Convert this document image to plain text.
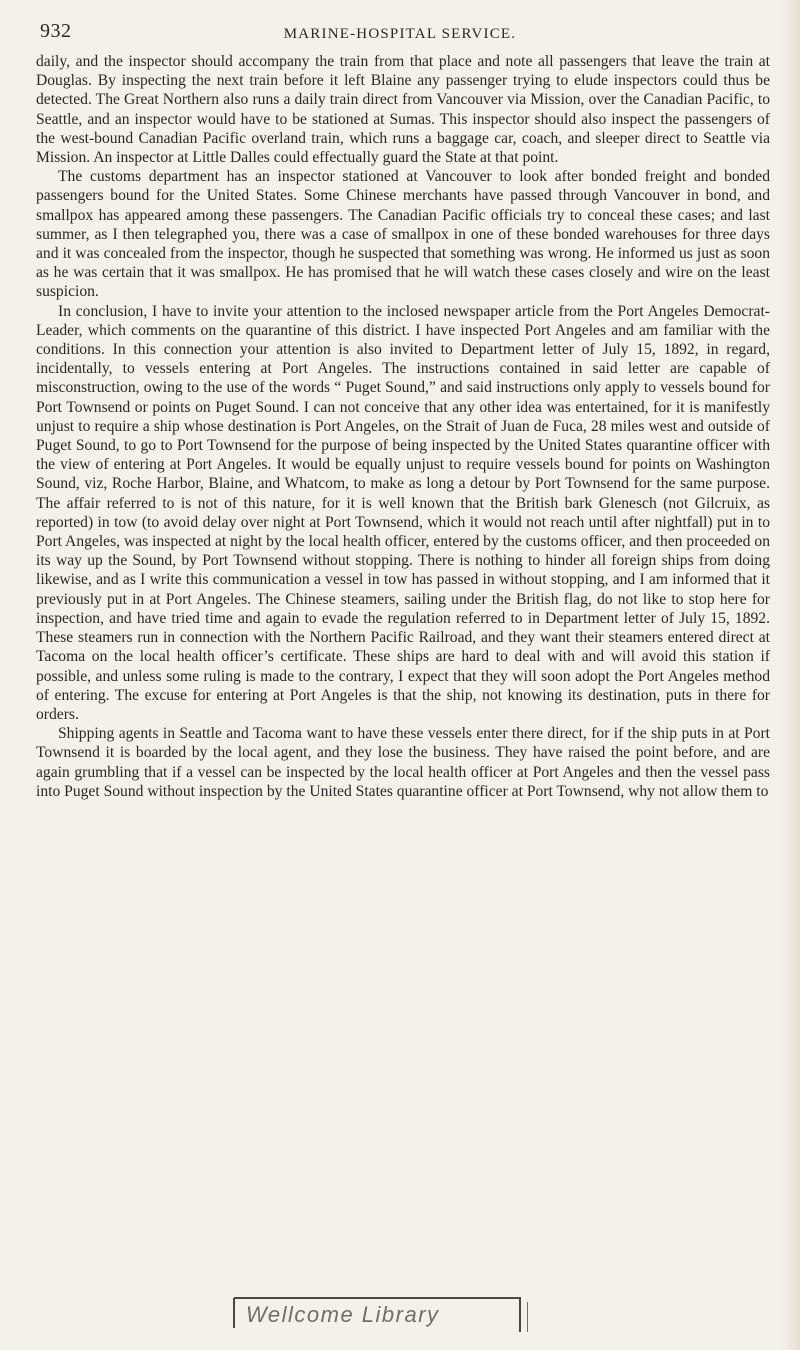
932	MARINE-HOSPITAL SERVICE.

daily, and the inspector should accompany the train from that place and note all passengers that leave the train at Douglas. By inspecting the next train before it left Blaine any passenger trying to elude inspectors could thus be detected. The Great Northern also runs a daily train direct from Vancouver via Mission, over the Canadian Pacific, to Seattle, and an inspector would have to be stationed at Sumas. This inspector should also inspect the passengers of the west-bound Canadian Pacific overland train, which runs a baggage car, coach, and sleeper direct to Seattle via Mission. An inspector at Little Dalles could effectually guard the State at that point.

The customs department has an inspector stationed at Vancouver to look after bonded freight and bonded passengers bound for the United States. Some Chinese merchants have passed through Vancouver in bond, and smallpox has appeared among these passengers. The Canadian Pacific officials try to conceal these cases; and last summer, as I then telegraphed you, there was a case of smallpox in one of these bonded warehouses for three days and it was concealed from the inspector, though he suspected that something was wrong. He informed us just as soon as he was certain that it was smallpox. He has promised that he will watch these cases closely and wire on the least suspicion.

In conclusion, I have to invite your attention to the inclosed newspaper article from the Port Angeles Democrat-Leader, which comments on the quarantine of this district. I have inspected Port Angeles and am familiar with the conditions. In this connection your attention is also invited to Department letter of July 15, 1892, in regard, incidentally, to vessels entering at Port Angeles. The instructions contained in said letter are capable of misconstruction, owing to the use of the words “ Puget Sound,” and said instructions only apply to vessels bound for Port Townsend or points on Puget Sound. I can not conceive that any other idea was entertained, for it is manifestly unjust to require a ship whose destination is Port Angeles, on the Strait of Juan de Fuca, 28 miles west and outside of Puget Sound, to go to Port Townsend for the purpose of being inspected by the United States quarantine officer with the view of entering at Port Angeles. It would be equally unjust to require vessels bound for points on Washington Sound, viz, Roche Harbor, Blaine, and Whatcom, to make as long a detour by Port Townsend for the same purpose. The affair referred to is not of this nature, for it is well known that the British bark Glenesch (not Gilcruix, as reported) in tow (to avoid delay over night at Port Townsend, which it would not reach until after nightfall) put in to Port Angeles, was inspected at night by the local health officer, entered by the customs officer, and then proceeded on its way up the Sound, by Port Townsend without stopping. There is nothing to hinder all foreign ships from doing likewise, and as I write this communication a vessel in tow has passed in without stopping, and I am informed that it previously put in at Port Angeles. The Chinese steamers, sailing under the British flag, do not like to stop here for inspection, and have tried time and again to evade the regulation referred to in Department letter of July 15, 1892. These steamers run in connection with the Northern Pacific Railroad, and they want their steamers entered direct at Tacoma on the local health officer’s certificate. These ships are hard to deal with and will avoid this station if possible, and unless some ruling is made to the contrary, I expect that they will soon adopt the Port Angeles method of entering. The excuse for entering at Port Angeles is that the ship, not knowing its destination, puts in there for orders.

Shipping agents in Seattle and Tacoma want to have these vessels enter there direct, for if the ship puts in at Port Townsend it is boarded by the local agent, and they lose the business. They have raised the point before, and are again grumbling that if a vessel can be inspected by the local health officer at Port Angeles and then the vessel pass into Puget Sound without inspection by the United States quarantine officer at Port Townsend, why not allow them to

Wellcome Library
